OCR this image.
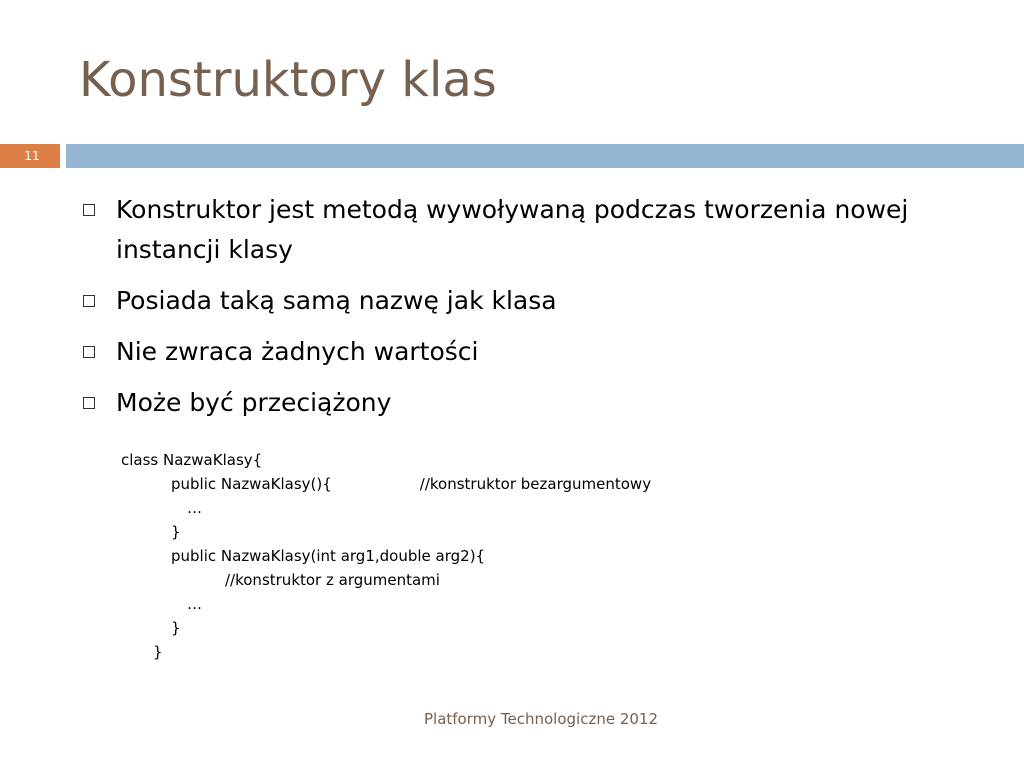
Konstruktory klas
11
Konstruktor jest metodą wywoływaną podczas tworzenia nowej instancji klasy
Posiada taką samą nazwę jak klasa
Nie zwraca żadnych wartości
Może być przeciążony
class NazwaKlasy{
public NazwaKlasy(){	//konstruktor bezargumentowy
…
}
public NazwaKlasy(int arg1,double arg2){
//konstruktor z argumentami
…
}
}
Platformy Technologiczne 2012
